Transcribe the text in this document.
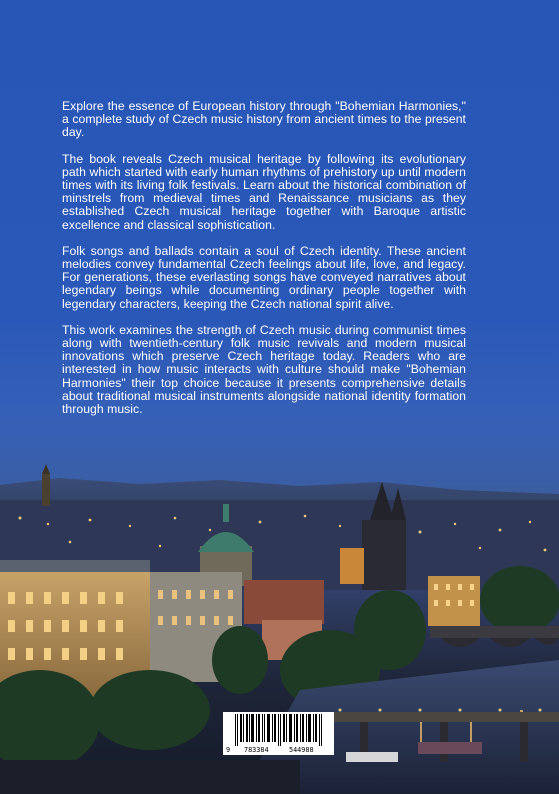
Explore the essence of European history through "Bohemian Harmonies," a complete study of Czech music history from ancient times to the present day.

The book reveals Czech musical heritage by following its evolutionary path which started with early human rhythms of prehistory up until modern times with its living folk festivals. Learn about the historical combination of minstrels from medieval times and Renaissance musicians as they established Czech musical heritage together with Baroque artistic excellence and classical sophistication.

Folk songs and ballads contain a soul of Czech identity. These ancient melodies convey fundamental Czech feelings about life, love, and legacy. For generations, these everlasting songs have conveyed narratives about legendary beings while documenting ordinary people together with legendary characters, keeping the Czech national spirit alive.

This work examines the strength of Czech music during communist times along with twentieth-century folk music revivals and modern musical innovations which preserve Czech heritage today. Readers who are interested in how music interacts with culture should make "Bohemian Harmonies" their top choice because it presents comprehensive details about traditional musical instruments alongside national identity formation through music.

9 783384	544988
